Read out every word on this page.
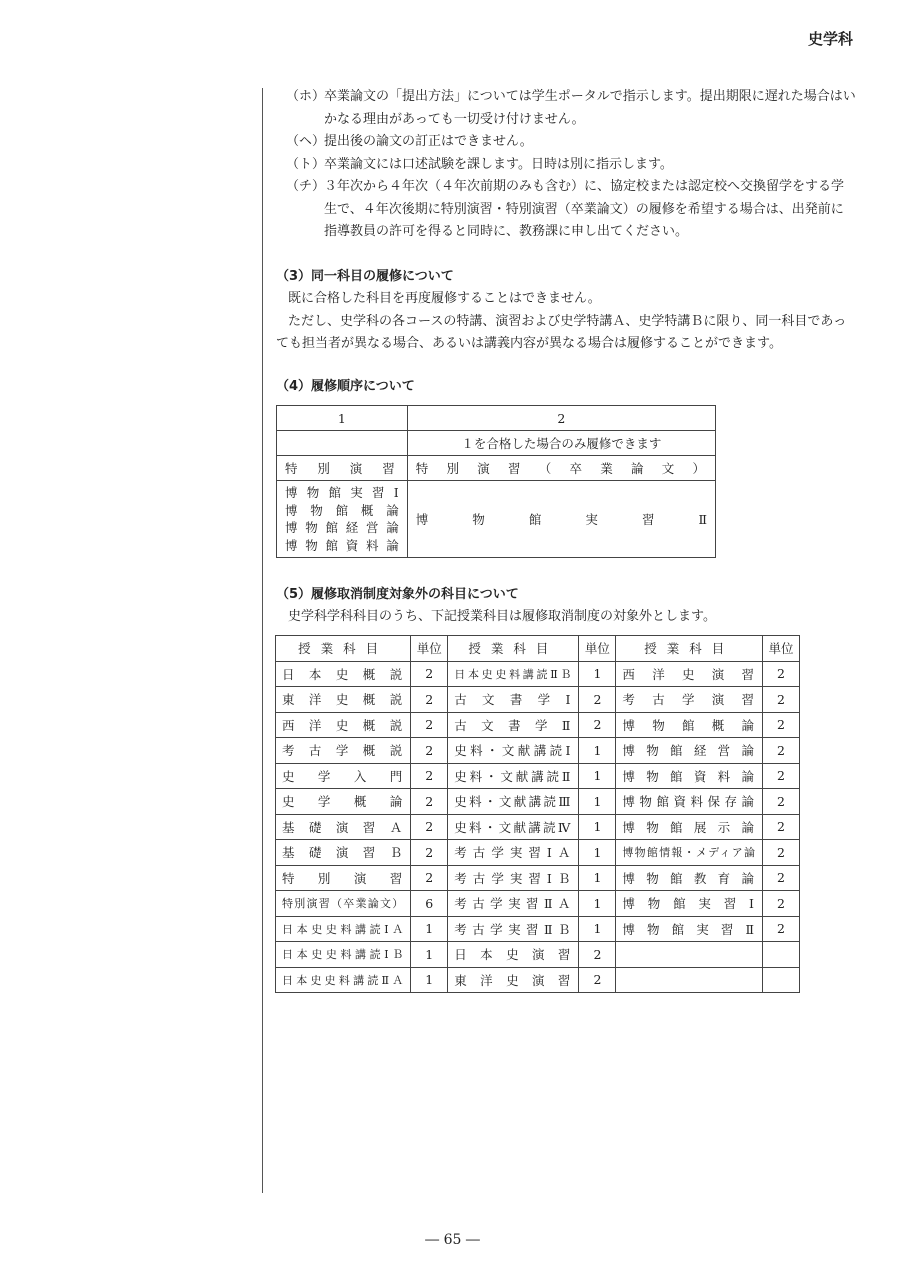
史学科
（ホ）
卒業論文の「提出方法」については学生ポータルで指示します。提出期限に遅れた場合はいかなる理由があっても一切受け付けません。
（ヘ）
提出後の論文の訂正はできません。
（ト）
卒業論文には口述試験を課します。日時は別に指示します。
（チ）
３年次から４年次（４年次前期のみも含む）に、協定校または認定校へ交換留学をする学生で、４年次後期に特別演習・特別演習（卒業論文）の履修を希望する場合は、出発前に指導教員の許可を得ると同時に、教務課に申し出てください。
（3）同一科目の履修について
既に合格した科目を再度履修することはできません。
ただし、史学科の各コースの特講、演習および史学特講Ａ、史学特講Ｂに限り、同一科目であっても担当者が異なる場合、あるいは講義内容が異なる場合は履修することができます。
（4）履修順序について
1	2
	１を合格した場合のみ履修できます
特別演習	特別演習（卒業論文）

博物館実習Ⅰ
博物館概論
博物館経営論
博物館資料論	博物館実習Ⅱ
（5）履修取消制度対象外の科目について
史学科学科科目のうち、下記授業科目は履修取消制度の対象外とします。
授業科目	単位	授業科目	単位	授業科目	単位
日本史概説	2	日本史史料講読ⅡＢ	1	西洋史演習	2
東洋史概説	2	古文書学Ⅰ	2	考古学演習	2
西洋史概説	2	古文書学Ⅱ	2	博物館概論	2
考古学概説	2	史料・文献講読Ⅰ	1	博物館経営論	2
史学入門	2	史料・文献講読Ⅱ	1	博物館資料論	2
史学概論	2	史料・文献講読Ⅲ	1	博物館資料保存論	2
基礎演習Ａ	2	史料・文献講読Ⅳ	1	博物館展示論	2
基礎演習Ｂ	2	考古学実習ⅠＡ	1	博物館情報・メディア論	2
特別演習	2	考古学実習ⅠＢ	1	博物館教育論	2
特別演習（卒業論文）	6	考古学実習ⅡＡ	1	博物館実習Ⅰ	2
日本史史料講読ⅠＡ	1	考古学実習ⅡＢ	1	博物館実習Ⅱ	2
日本史史料講読ⅠＢ	1	日本史演習	2		
日本史史料講読ⅡＡ	1	東洋史演習	2		
― 65 ―
